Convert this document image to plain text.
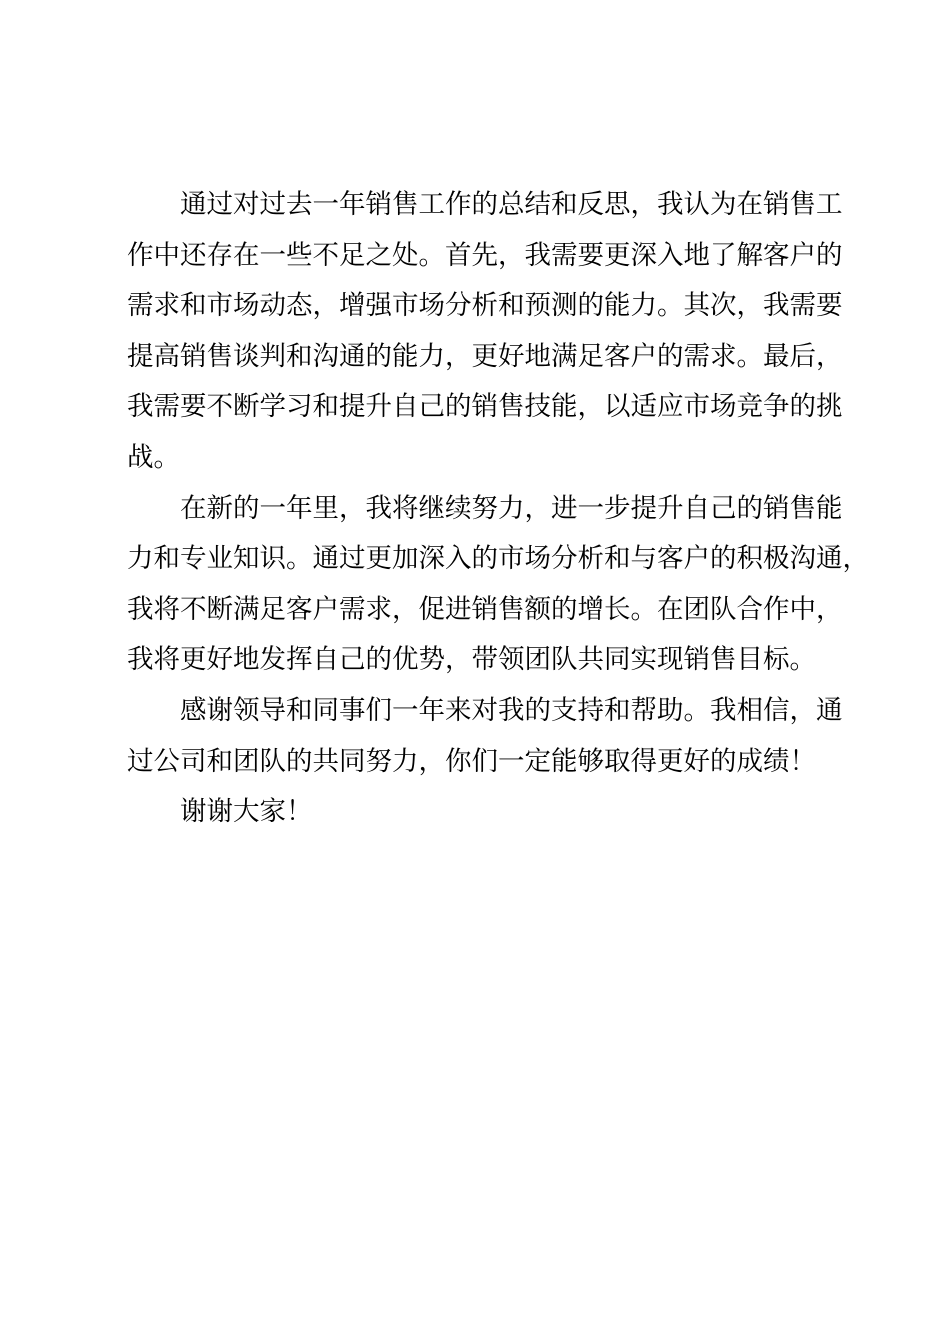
通过对过去一年销售工作的总结和反思，我认为在销售工
作中还存在一些不足之处。首先，我需要更深入地了解客户的
需求和市场动态，增强市场分析和预测的能力。其次，我需要
提高销售谈判和沟通的能力，更好地满足客户的需求。最后，
我需要不断学习和提升自己的销售技能，以适应市场竞争的挑
战。

在新的一年里，我将继续努力，进一步提升自己的销售能
力和专业知识。通过更加深入的市场分析和与客户的积极沟通，
我将不断满足客户需求，促进销售额的增长。在团队合作中，
我将更好地发挥自己的优势，带领团队共同实现销售目标。

感谢领导和同事们一年来对我的支持和帮助。我相信，通
过公司和团队的共同努力，你们一定能够取得更好的成绩！

谢谢大家！
